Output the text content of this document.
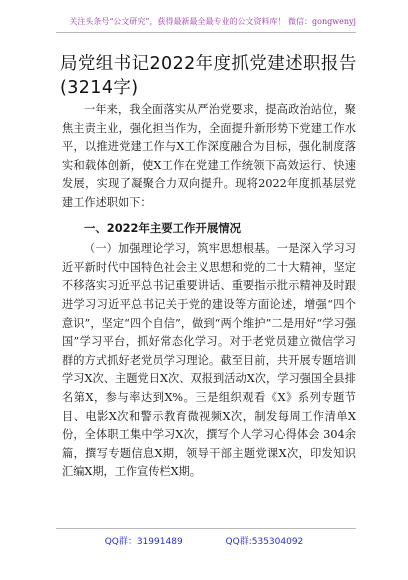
关注头条号“公文研究”，获得最新最全最专业的公文资料库！ 微信：gongwenyj
局党组书记2022年度抓党建述职报告(3214字)

一年来，我全面落实从严治党要求，提高政治站位，聚焦主责主业，强化担当作为，全面提升新形势下党建工作水平，以推进党建工作与X工作深度融合为目标，强化制度落实和载体创新，使X工作在党建工作统领下高效运行、快速发展，实现了凝聚合力双向提升。现将2022年度抓基层党建工作述职如下：

一、2022年主要工作开展情况

（一）加强理论学习，筑牢思想根基。一是深入学习习近平新时代中国特色社会主义思想和党的二十大精神，坚定不移落实习近平总书记重要讲话、重要指示批示精神及时跟进学习习近平总书记关于党的建设等方面论述，增强“四个意识”，坚定“四个自信”，做到“两个维护”二是用好“学习强国”学习平台，抓好常态化学习。对于老党员建立微信学习群的方式抓好老党员学习理论。截至目前，共开展专题培训学习X次、主题党日X次、双报到活动X次，学习强国全县排名第X，参与率达到X%。三是组织观看《X》系列专题节目、电影X次和警示教育微视频X次，制发每周工作清单X份，全体职工集中学习X次，撰写个人学习心得体会 304余篇，撰写专题信息X期，领导干部主题党课X次，印发知识汇编X期，工作宣传栏X期。

QQ群：31991489	QQ群:535304092
